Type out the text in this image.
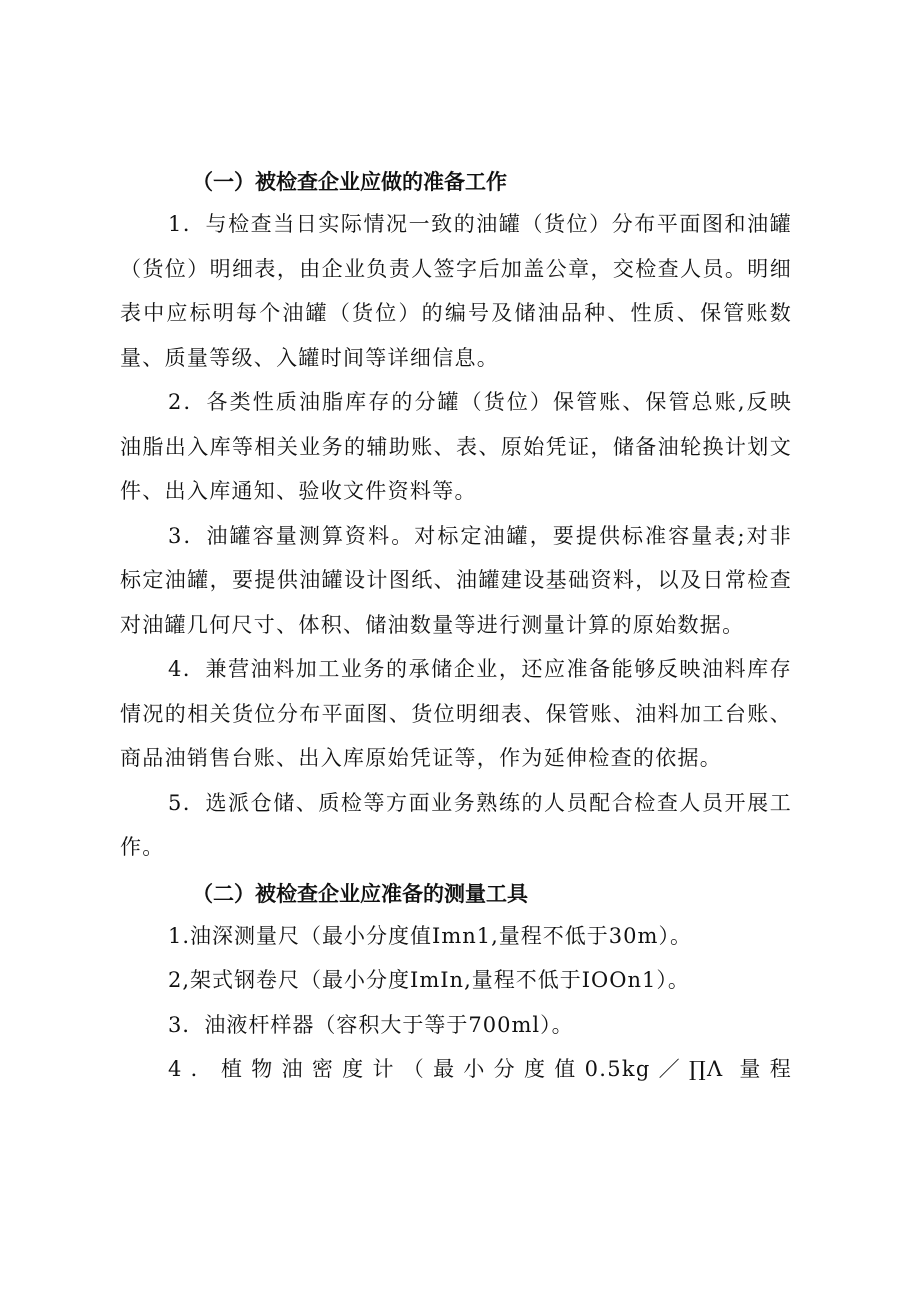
（一）被检查企业应做的准备工作

1．与检查当日实际情况一致的油罐（货位）分布平面图和油罐（货位）明细表，由企业负责人签字后加盖公章，交检查人员。明细表中应标明每个油罐（货位）的编号及储油品种、性质、保管账数量、质量等级、入罐时间等详细信息。

2．各类性质油脂库存的分罐（货位）保管账、保管总账,反映油脂出入库等相关业务的辅助账、表、原始凭证，储备油轮换计划文件、出入库通知、验收文件资料等。

3．油罐容量测算资料。对标定油罐，要提供标准容量表;对非标定油罐，要提供油罐设计图纸、油罐建设基础资料，以及日常检查对油罐几何尺寸、体积、储油数量等进行测量计算的原始数据。

4．兼营油料加工业务的承储企业，还应准备能够反映油料库存情况的相关货位分布平面图、货位明细表、保管账、油料加工台账、商品油销售台账、出入库原始凭证等，作为延伸检查的依据。

5．选派仓储、质检等方面业务熟练的人员配合检查人员开展工作。

（二）被检查企业应准备的测量工具

1.油深测量尺（最小分度值Imn1,量程不低于30m）。

2,架式钢卷尺（最小分度ImIn,量程不低于IOOn1）。

3．油液杆样器（容积大于等于700ml）。

4．植物油密度计（最小分度值0.5kg／∏Λ 量程
